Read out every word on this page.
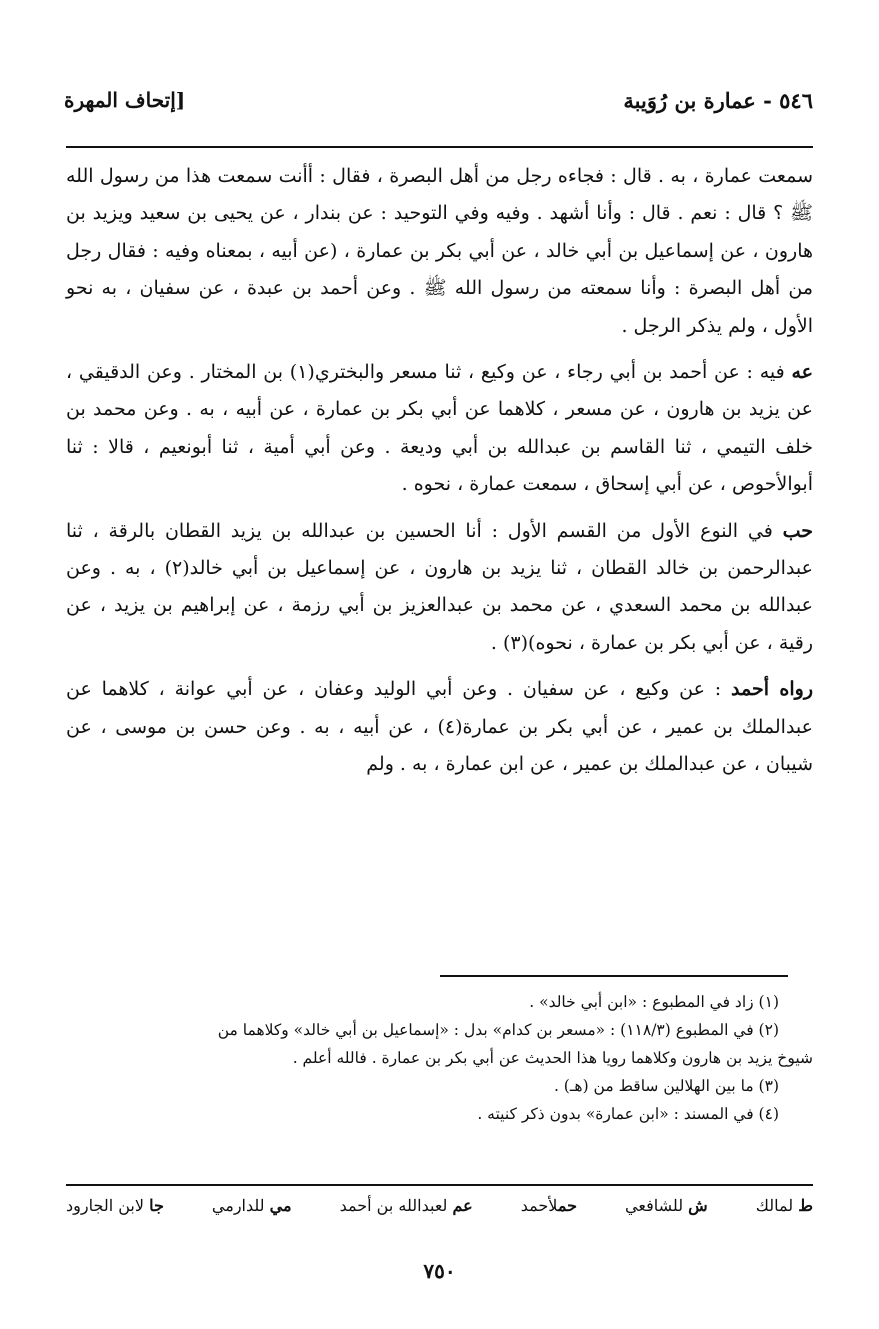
٥٤٦ - عمارة بن رُوَيبة
[إتحاف المهرة

سمعت عمارة ، به . قال : فجاءه رجل من أهل البصرة ، فقال : أأنت سمعت هذا من رسول الله ﷺ ؟ قال : نعم . قال : وأنا أشهد . وفيه وفي التوحيد : عن بندار ، عن يحيى بن سعيد ويزيد بن هارون ، عن إسماعيل بن أبي خالد ، عن أبي بكر بن عمارة ، (عن أبيه ، بمعناه وفيه : فقال رجل من أهل البصرة : وأنا سمعته من رسول الله ﷺ . وعن أحمد بن عبدة ، عن سفيان ، به نحو الأول ، ولم يذكر الرجل .

عه فيه : عن أحمد بن أبي رجاء ، عن وكيع ، ثنا مسعر والبختري(١) بن المختار . وعن الدقيقي ، عن يزيد بن هارون ، عن مسعر ، كلاهما عن أبي بكر بن عمارة ، عن أبيه ، به . وعن محمد بن خلف التيمي ، ثنا القاسم بن عبدالله بن أبي وديعة . وعن أبي أمية ، ثنا أبونعيم ، قالا : ثنا أبوالأحوص ، عن أبي إسحاق ، سمعت عمارة ، نحوه .

حب في النوع الأول من القسم الأول : أنا الحسين بن عبدالله بن يزيد القطان بالرقة ، ثنا عبدالرحمن بن خالد القطان ، ثنا يزيد بن هارون ، عن إسماعيل بن أبي خالد(٢) ، به . وعن عبدالله بن محمد السعدي ، عن محمد بن عبدالعزيز بن أبي رزمة ، عن إبراهيم بن يزيد ، عن رقية ، عن أبي بكر بن عمارة ، نحوه)(٣) .

رواه أحمد : عن وكيع ، عن سفيان . وعن أبي الوليد وعفان ، عن أبي عوانة ، كلاهما عن عبدالملك بن عمير ، عن أبي بكر بن عمارة(٤) ، عن أبيه ، به . وعن حسن بن موسى ، عن شيبان ، عن عبدالملك بن عمير ، عن ابن عمارة ، به . ولم

(١) زاد في المطبوع : «ابن أبي خالد» .

(٢) في المطبوع (١١٨/٣) : «مسعر بن كدام» بدل : «إسماعيل بن أبي خالد» وكلاهما من

شيوخ يزيد بن هارون وكلاهما رويا هذا الحديث عن أبي بكر بن عمارة . فالله أعلم .

(٣) ما بين الهلالين ساقط من (هـ) .

(٤) في المسند : «ابن عمارة» بدون ذكر كنيته .

ط لمالك
ش للشافعي
حملأحمد
عم لعبدالله بن أحمد
مي للدارمي
جا لابن الجارود
٧٥٠
